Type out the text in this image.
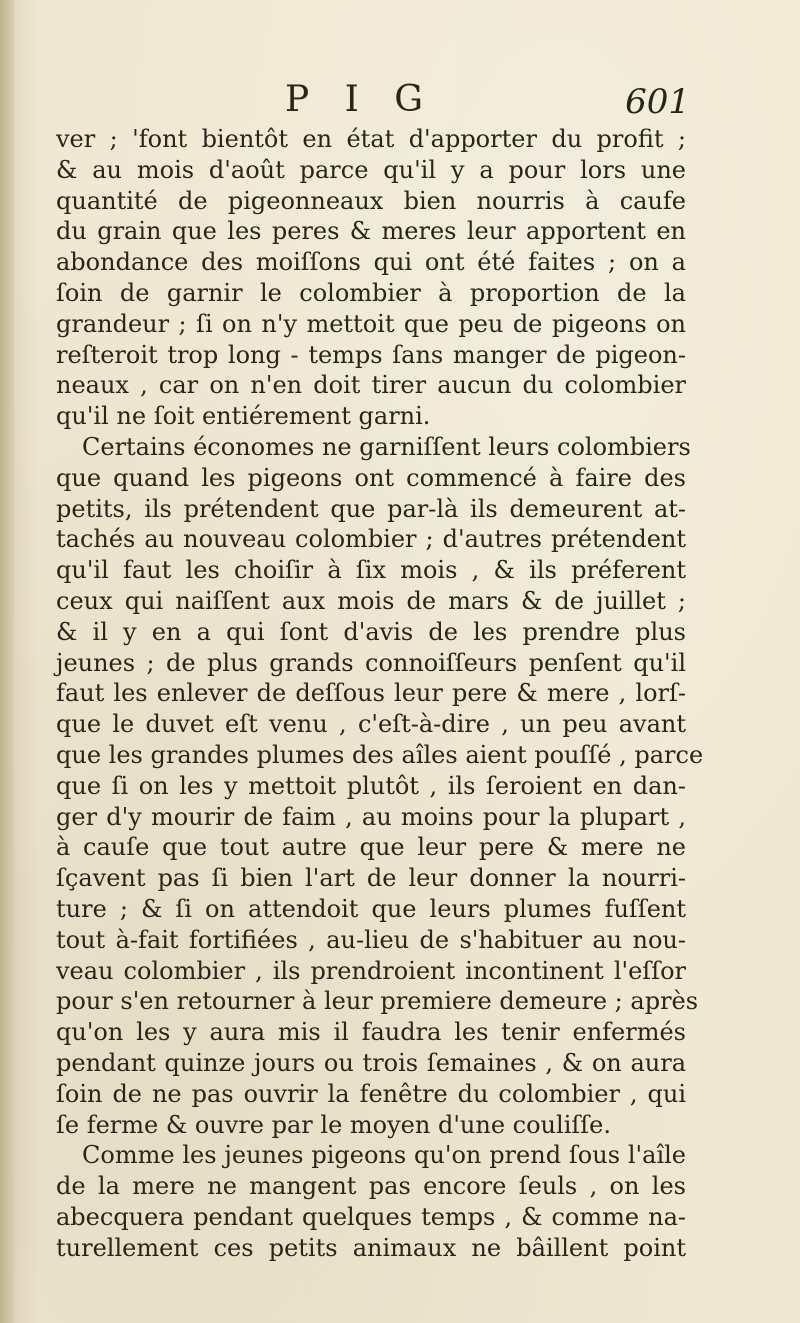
P I G	601
ver ; 'font bientôt en état d'apporter du profit ;
& au mois d'août parce qu'il y a pour lors une
quantité de pigeonneaux bien nourris à caufe
du grain que les peres & meres leur apportent en
abondance des moiſſons qui ont été faites ; on a
ſoin de garnir le colombier à proportion de la
grandeur ; ſi on n'y mettoit que peu de pigeons on
reſteroit trop long - temps ſans manger de pigeon-
neaux , car on n'en doit tirer aucun du colombier
qu'il ne ſoit entiérement garni.
Certains économes ne garniſſent leurs colombiers
que quand les pigeons ont commencé à faire des
petits, ils prétendent que par-là ils demeurent at-
tachés au nouveau colombier ; d'autres prétendent
qu'il faut les choiſir à ſix mois , & ils préferent
ceux qui naiſſent aux mois de mars & de juillet ;
& il y en a qui ſont d'avis de les prendre plus
jeunes ; de plus grands connoiſſeurs penſent qu'il
faut les enlever de deſſous leur pere & mere , lorſ-
que le duvet eſt venu , c'eſt-à-dire , un peu avant
que les grandes plumes des aîles aient pouſſé , parce
que ſi on les y mettoit plutôt , ils ſeroient en dan-
ger d'y mourir de faim , au moins pour la plupart ,
à cauſe que tout autre que leur pere & mere ne
ſçavent pas ſi bien l'art de leur donner la nourri-
ture ; & ſi on attendoit que leurs plumes fuſſent
tout à-fait fortifiées , au-lieu de s'habituer au nou-
veau colombier , ils prendroient incontinent l'eſſor
pour s'en retourner à leur premiere demeure ; après
qu'on les y aura mis il faudra les tenir enfermés
pendant quinze jours ou trois ſemaines , & on aura
ſoin de ne pas ouvrir la fenêtre du colombier , qui
ſe ferme & ouvre par le moyen d'une couliſſe.
Comme les jeunes pigeons qu'on prend ſous l'aîle
de la mere ne mangent pas encore ſeuls , on les
abecquera pendant quelques temps , & comme na-
turellement ces petits animaux ne bâillent point
